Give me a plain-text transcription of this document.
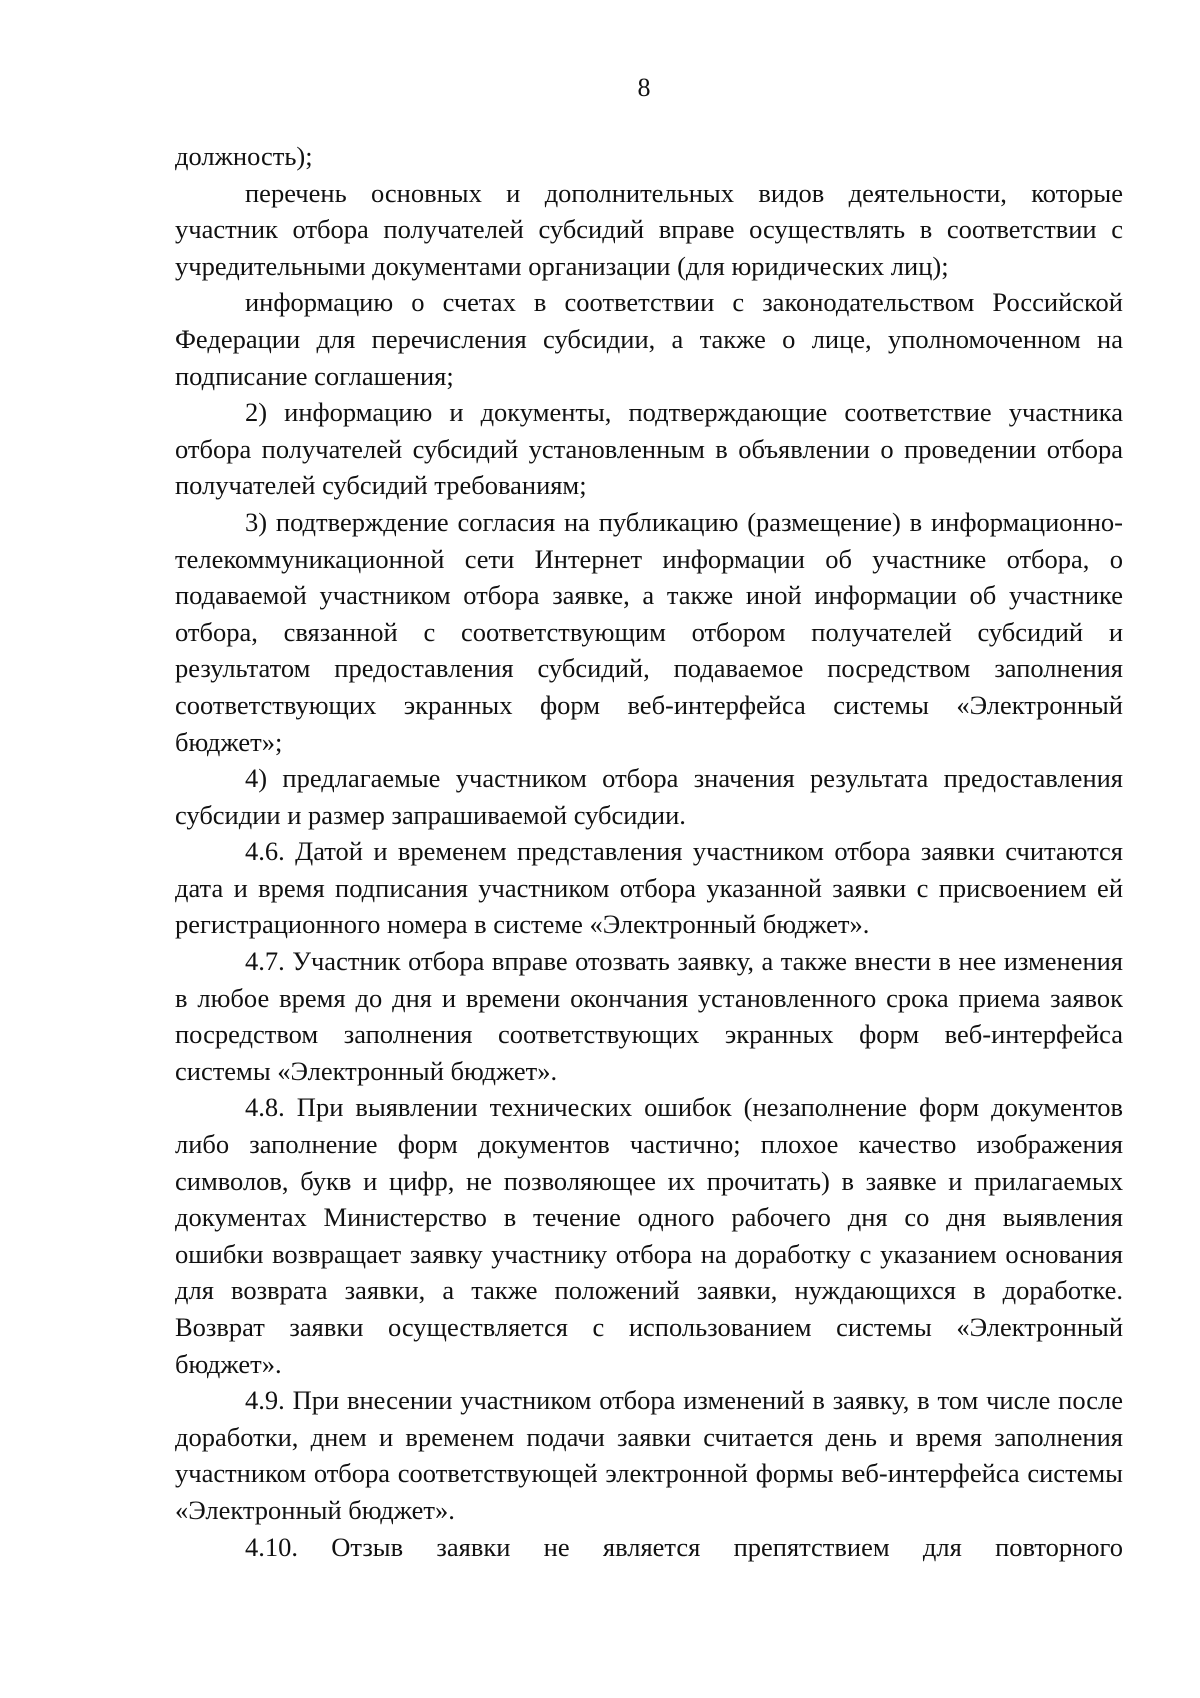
8

должность);

перечень основных и дополнительных видов деятельности, которые участник отбора получателей субсидий вправе осуществлять в соответствии с учредительными документами организации (для юридических лиц);

информацию о счетах в соответствии с законодательством Российской Федерации для перечисления субсидии, а также о лице, уполномоченном на подписание соглашения;

2) информацию и документы, подтверждающие соответствие участника отбора получателей субсидий установленным в объявлении о проведении отбора получателей субсидий требованиям;

3) подтверждение согласия на публикацию (размещение) в информационно-телекоммуникационной сети Интернет информации об участнике отбора, о подаваемой участником отбора заявке, а также иной информации об участнике отбора, связанной с соответствующим отбором получателей субсидий и результатом предоставления субсидий, подаваемое посредством заполнения соответствующих экранных форм веб-интерфейса системы «Электронный бюджет»;

4) предлагаемые участником отбора значения результата предоставления субсидии и размер запрашиваемой субсидии.

4.6. Датой и временем представления участником отбора заявки считаются дата и время подписания участником отбора указанной заявки с присвоением ей регистрационного номера в системе «Электронный бюджет».

4.7. Участник отбора вправе отозвать заявку, а также внести в нее изменения в любое время до дня и времени окончания установленного срока приема заявок посредством заполнения соответствующих экранных форм веб-интерфейса системы «Электронный бюджет».

4.8. При выявлении технических ошибок (незаполнение форм документов либо заполнение форм документов частично; плохое качество изображения символов, букв и цифр, не позволяющее их прочитать) в заявке и прилагаемых документах Министерство в течение одного рабочего дня со дня выявления ошибки возвращает заявку участнику отбора на доработку с указанием основания для возврата заявки, а также положений заявки, нуждающихся в доработке. Возврат заявки осуществляется с использованием системы «Электронный бюджет».

4.9. При внесении участником отбора изменений в заявку, в том числе после доработки, днем и временем подачи заявки считается день и время заполнения участником отбора соответствующей электронной формы веб-интерфейса системы «Электронный бюджет».

4.10. Отзыв заявки не является препятствием для повторного
